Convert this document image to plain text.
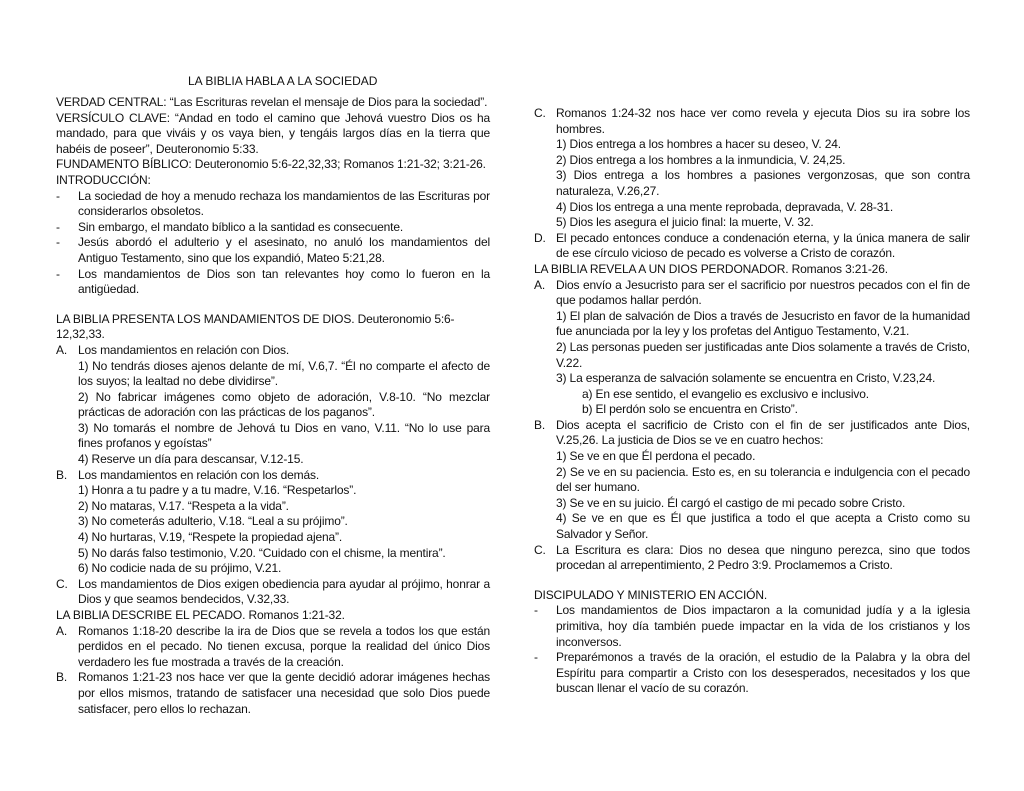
LA BIBLIA HABLA A LA SOCIEDAD

VERDAD CENTRAL: “Las Escrituras revelan el mensaje de Dios para la sociedad”.

VERSÍCULO CLAVE: “Andad en todo el camino que Jehová vuestro Dios os ha mandado, para que viváis y os vaya bien, y tengáis largos días en la tierra que habéis de poseer”, Deuteronomio 5:33.

FUNDAMENTO BÍBLICO: Deuteronomio 5:6-22,32,33; Romanos 1:21-32; 3:21-26.

INTRODUCCIÓN:

-	La sociedad de hoy a menudo rechaza los mandamientos de las Escrituras por considerarlos obsoletos.
-	Sin embargo, el mandato bíblico a la santidad es consecuente.
-	Jesús abordó el adulterio y el asesinato, no anuló los mandamientos del Antiguo Testamento, sino que los expandió, Mateo 5:21,28.
-	Los mandamientos de Dios son tan relevantes hoy como lo fueron en la antigüedad.

LA BIBLIA PRESENTA LOS MANDAMIENTOS DE DIOS. Deuteronomio 5:6-12,32,33.

A. Los mandamientos en relación con Dios.
1) No tendrás dioses ajenos delante de mí, V.6,7. “Él no comparte el afecto de los suyos; la lealtad no debe dividirse”.
2) No fabricar imágenes como objeto de adoración, V.8-10. “No mezclar prácticas de adoración con las prácticas de los paganos”.
3) No tomarás el nombre de Jehová tu Dios en vano, V.11. “No lo use para fines profanos y egoístas”
4) Reserve un día para descansar, V.12-15.
B. Los mandamientos en relación con los demás.
1) Honra a tu padre y a tu madre, V.16. “Respetarlos”.
2) No mataras, V.17. “Respeta a la vida”.
3) No cometerás adulterio, V.18. “Leal a su prójimo”.
4) No hurtaras, V.19, “Respete la propiedad ajena”.
5) No darás falso testimonio, V.20. “Cuidado con el chisme, la mentira”.
6) No codicie nada de su prójimo, V.21.
C. Los mandamientos de Dios exigen obediencia para ayudar al prójimo, honrar a Dios y que seamos bendecidos, V.32,33.

LA BIBLIA DESCRIBE EL PECADO. Romanos 1:21-32.

A. Romanos 1:18-20 describe la ira de Dios que se revela a todos los que están perdidos en el pecado. No tienen excusa, porque la realidad del único Dios verdadero les fue mostrada a través de la creación.
B. Romanos 1:21-23 nos hace ver que la gente decidió adorar imágenes hechas por ellos mismos, tratando de satisfacer una necesidad que solo Dios puede satisfacer, pero ellos lo rechazan.
C. Romanos 1:24-32 nos hace ver como revela y ejecuta Dios su ira sobre los hombres.
1) Dios entrega a los hombres a hacer su deseo, V. 24.
2) Dios entrega a los hombres a la inmundicia, V. 24,25.
3) Dios entrega a los hombres a pasiones vergonzosas, que son contra naturaleza, V.26,27.
4) Dios los entrega a una mente reprobada, depravada, V. 28-31.
5) Dios les asegura el juicio final: la muerte, V. 32.
D. El pecado entonces conduce a condenación eterna, y la única manera de salir de ese círculo vicioso de pecado es volverse a Cristo de corazón.

LA BIBLIA REVELA A UN DIOS PERDONADOR. Romanos 3:21-26.

A. Dios envío a Jesucristo para ser el sacrificio por nuestros pecados con el fin de que podamos hallar perdón.
1) El plan de salvación de Dios a través de Jesucristo en favor de la humanidad fue anunciada por la ley y los profetas del Antiguo Testamento, V.21.
2) Las personas pueden ser justificadas ante Dios solamente a través de Cristo, V.22.
3) La esperanza de salvación solamente se encuentra en Cristo, V.23,24.
a) En ese sentido, el evangelio es exclusivo e inclusivo.
b) El perdón solo se encuentra en Cristo”.
B. Dios acepta el sacrificio de Cristo con el fin de ser justificados ante Dios, V.25,26. La justicia de Dios se ve en cuatro hechos:
1) Se ve en que Él perdona el pecado.
2) Se ve en su paciencia. Esto es, en su tolerancia e indulgencia con el pecado del ser humano.
3) Se ve en su juicio. Él cargó el castigo de mi pecado sobre Cristo.
4) Se ve en que es Él que justifica a todo el que acepta a Cristo como su Salvador y Señor.
C. La Escritura es clara: Dios no desea que ninguno perezca, sino que todos procedan al arrepentimiento, 2 Pedro 3:9. Proclamemos a Cristo.

DISCIPULADO Y MINISTERIO EN ACCIÓN.

-	Los mandamientos de Dios impactaron a la comunidad judía y a la iglesia primitiva, hoy día también puede impactar en la vida de los cristianos y los inconversos.
-	Preparémonos a través de la oración, el estudio de la Palabra y la obra del Espíritu para compartir a Cristo con los desesperados, necesitados y los que buscan llenar el vacío de su corazón.
